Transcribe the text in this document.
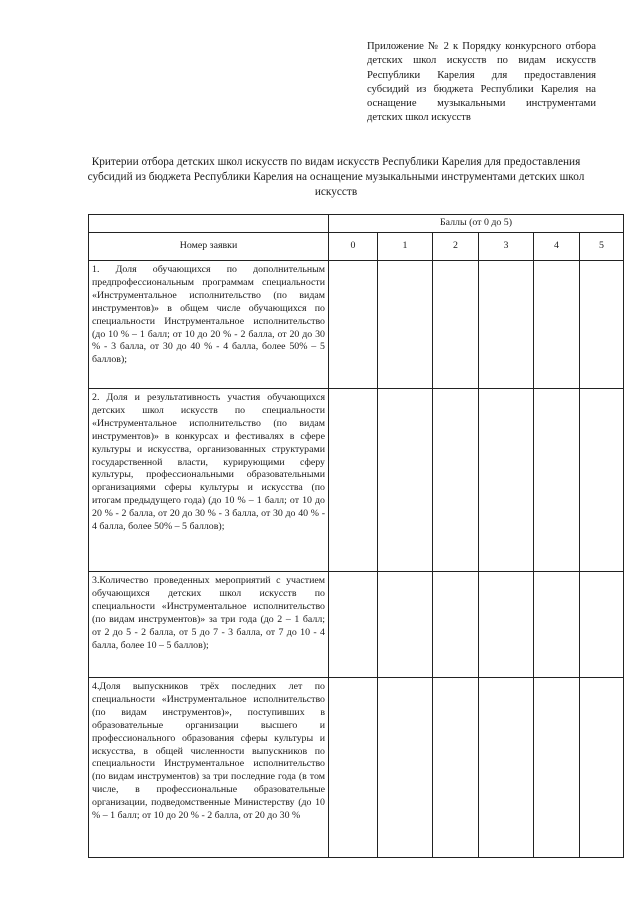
Приложение № 2 к Порядку конкурсного отбора детских школ искусств по видам искусств Республики Карелия для предоставления субсидий из бюджета Республики Карелия на оснащение музыкальными инструментами детских школ искусств
Критерии отбора детских школ искусств по видам искусств Республики Карелия для предоставления субсидий из бюджета Республики Карелия на оснащение музыкальными инструментами детских школ искусств
	Баллы (от 0 до 5)					
Номер заявки	0	1	2	3	4	5
1. Доля обучающихся по дополнительным предпрофессиональным программам специальности «Инструментальное исполнительство (по видам инструментов)» в общем числе обучающихся по специальности Инструментальное исполнительство (до 10 % – 1 балл; от 10 до 20 % - 2 балла, от 20 до 30 % - 3 балла, от 30 до 40 % - 4 балла, более 50% – 5 баллов);						
2. Доля и результативность участия обучающихся детских школ искусств по специальности «Инструментальное исполнительство (по видам инструментов)» в конкурсах и фестивалях в сфере культуры и искусства, организованных структурами государственной власти, курирующими сферу культуры, профессиональными образовательными организациями сферы культуры и искусства (по итогам предыдущего года) (до 10 % – 1 балл; от 10 до 20 % - 2 балла, от 20 до 30 % - 3 балла, от 30 до 40 % - 4 балла, более 50% – 5 баллов);						
3.Количество проведенных мероприятий с участием обучающихся детских школ искусств по специальности «Инструментальное исполнительство (по видам инструментов)» за три года (до 2 – 1 балл; от 2 до 5 - 2 балла, от 5 до 7 - 3 балла, от 7 до 10 - 4 балла, более 10 – 5 баллов);						
4.Доля выпускников трёх последних лет по специальности «Инструментальное исполнительство (по видам инструментов)», поступивших в образовательные организации высшего и профессионального образования сферы культуры и искусства, в общей численности выпускников по специальности Инструментальное исполнительство (по видам инструментов) за три последние года (в том числе, в профессиональные образовательные организации, подведомственные Министерству (до 10 % – 1 балл; от 10 до 20 % - 2 балла, от 20 до 30 %						
